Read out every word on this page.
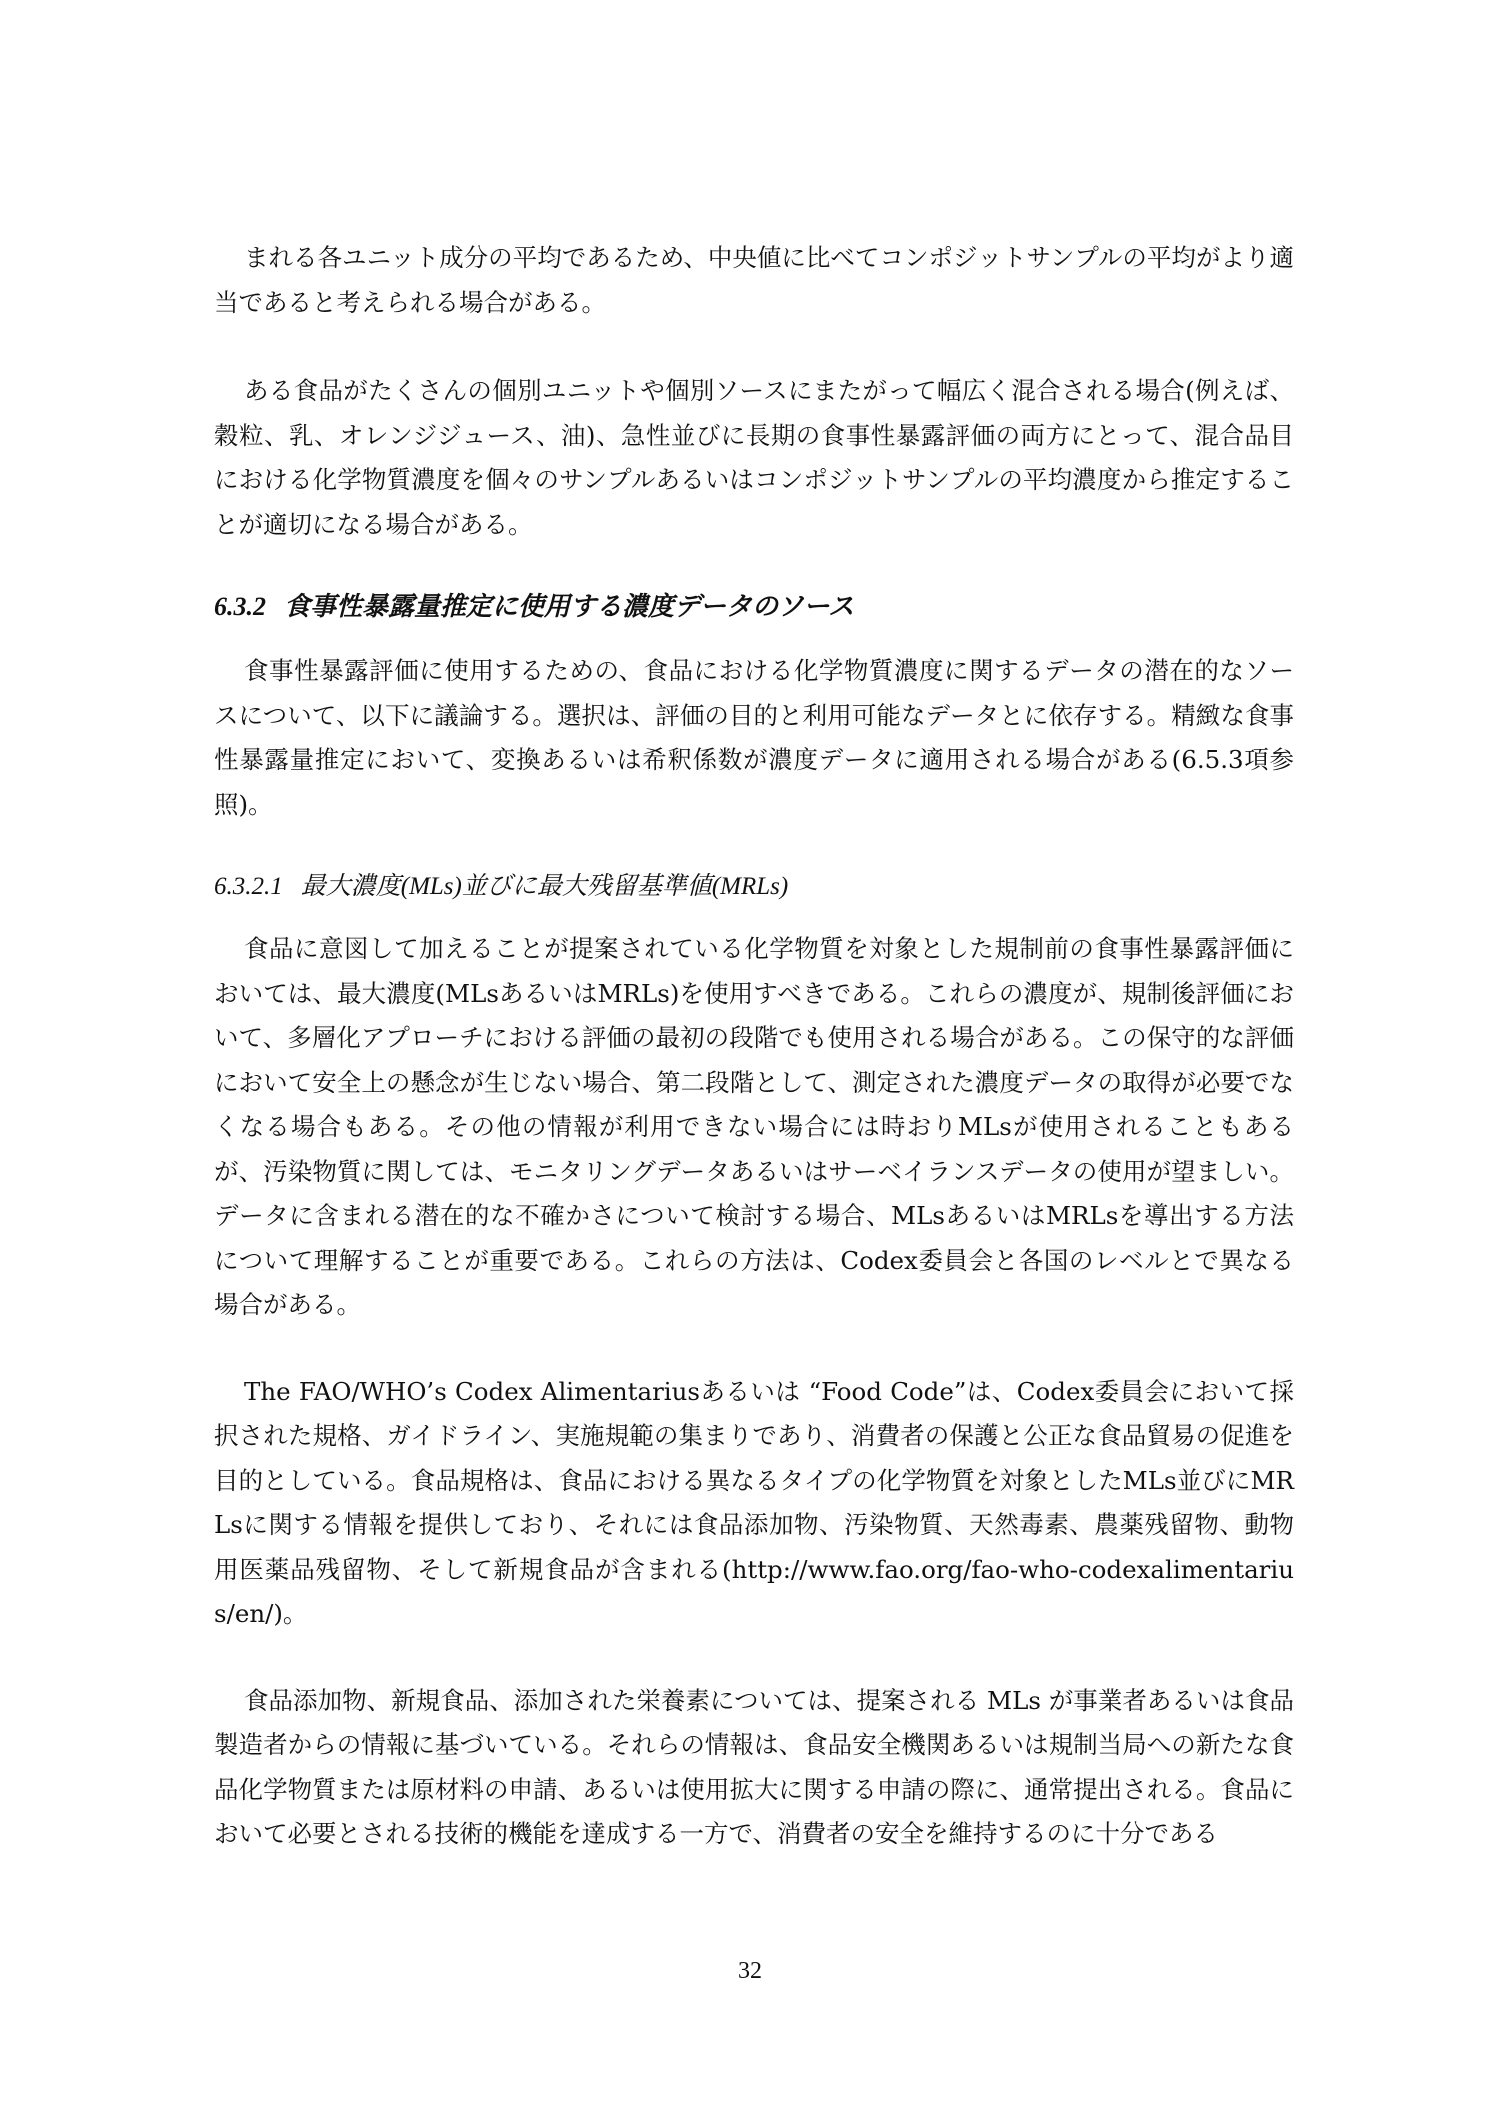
まれる各ユニット成分の平均であるため、中央値に比べてコンポジットサンプルの平均がより適当であると考えられる場合がある。

ある食品がたくさんの個別ユニットや個別ソースにまたがって幅広く混合される場合(例えば、穀粒、乳、オレンジジュース、油)、急性並びに長期の食事性暴露評価の両方にとって、混合品目における化学物質濃度を個々のサンプルあるいはコンポジットサンプルの平均濃度から推定することが適切になる場合がある。

6.3.2 食事性暴露量推定に使用する濃度データのソース

食事性暴露評価に使用するための、食品における化学物質濃度に関するデータの潜在的なソースについて、以下に議論する。選択は、評価の目的と利用可能なデータとに依存する。精緻な食事性暴露量推定において、変換あるいは希釈係数が濃度データに適用される場合がある(6.5.3項参照)。

6.3.2.1 最大濃度(MLs)並びに最大残留基準値(MRLs)

食品に意図して加えることが提案されている化学物質を対象とした規制前の食事性暴露評価においては、最大濃度(MLsあるいはMRLs)を使用すべきである。これらの濃度が、規制後評価において、多層化アプローチにおける評価の最初の段階でも使用される場合がある。この保守的な評価において安全上の懸念が生じない場合、第二段階として、測定された濃度データの取得が必要でなくなる場合もある。その他の情報が利用できない場合には時おりMLsが使用されることもあるが、汚染物質に関しては、モニタリングデータあるいはサーベイランスデータの使用が望ましい。データに含まれる潜在的な不確かさについて検討する場合、MLsあるいはMRLsを導出する方法について理解することが重要である。これらの方法は、Codex委員会と各国のレベルとで異なる場合がある。

The FAO/WHO’s Codex Alimentariusあるいは “Food Code”は、Codex委員会において採択された規格、ガイドライン、実施規範の集まりであり、消費者の保護と公正な食品貿易の促進を目的としている。食品規格は、食品における異なるタイプの化学物質を対象としたMLs並びにMRLsに関する情報を提供しており、それには食品添加物、汚染物質、天然毒素、農薬残留物、動物用医薬品残留物、そして新規食品が含まれる(http://www.fao.org/fao-who-codexalimentarius/en/)。

食品添加物、新規食品、添加された栄養素については、提案される MLs が事業者あるいは食品製造者からの情報に基づいている。それらの情報は、食品安全機関あるいは規制当局への新たな食品化学物質または原材料の申請、あるいは使用拡大に関する申請の際に、通常提出される。食品において必要とされる技術的機能を達成する一方で、消費者の安全を維持するのに十分である

32
